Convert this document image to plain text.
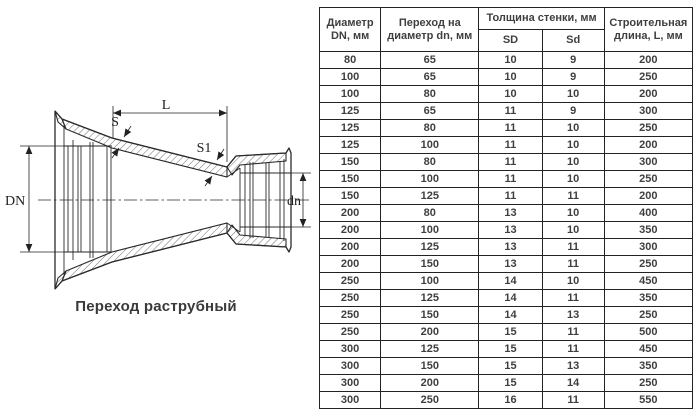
L
DN	dn
S
S1
Переход раструбный
Диаметр
DN, мм	Переход на
диаметр dn, мм	Толщина стенки, мм		Строительная
длина, L, мм

		SD	Sd	
80	65	10	9	200
100	65	10	9	250
100	80	10	10	200
125	65	11	9	300
125	80	11	10	250
125	100	11	10	200
150	80	11	10	300
150	100	11	10	250
150	125	11	11	200
200	80	13	10	400
200	100	13	10	350
200	125	13	11	300
200	150	13	11	250
250	100	14	10	450
250	125	14	11	350
250	150	14	13	250
250	200	15	11	500
300	125	15	11	450
300	150	15	13	350
300	200	15	14	250
300	250	16	11	550
